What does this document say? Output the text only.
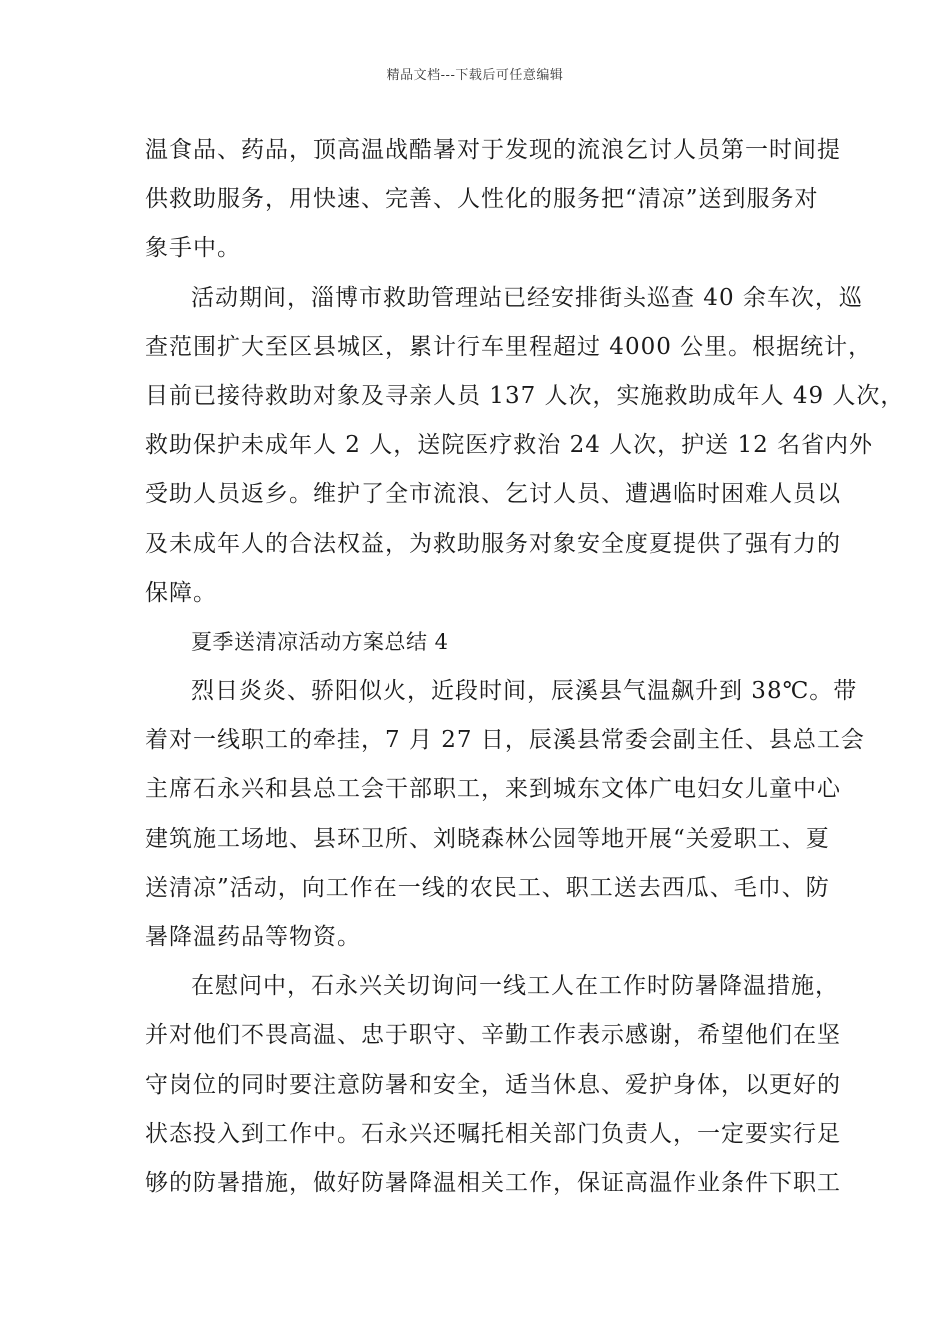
精品文档---下载后可任意编辑
温食品、药品，顶高温战酷暑对于发现的流浪乞讨人员第一时间提
供救助服务，用快速、完善、人性化的服务把“清凉”送到服务对
象手中。
活动期间，淄博市救助管理站已经安排街头巡查 40 余车次，巡
查范围扩大至区县城区，累计行车里程超过 4000 公里。根据统计，
目前已接待救助对象及寻亲人员 137 人次，实施救助成年人 49 人次，
救助保护未成年人 2 人，送院医疗救治 24 人次，护送 12 名省内外
受助人员返乡。维护了全市流浪、乞讨人员、遭遇临时困难人员以
及未成年人的合法权益，为救助服务对象安全度夏提供了强有力的
保障。
夏季送清凉活动方案总结 4
烈日炎炎、骄阳似火，近段时间，辰溪县气温飙升到 38℃。带
着对一线职工的牵挂，7 月 27 日，辰溪县常委会副主任、县总工会
主席石永兴和县总工会干部职工，来到城东文体广电妇女儿童中心
建筑施工场地、县环卫所、刘晓森林公园等地开展“关爱职工、夏
送清凉”活动，向工作在一线的农民工、职工送去西瓜、毛巾、防
暑降温药品等物资。
在慰问中，石永兴关切询问一线工人在工作时防暑降温措施，
并对他们不畏高温、忠于职守、辛勤工作表示感谢，希望他们在坚
守岗位的同时要注意防暑和安全，适当休息、爱护身体，以更好的
状态投入到工作中。石永兴还嘱托相关部门负责人，一定要实行足
够的防暑措施，做好防暑降温相关工作，保证高温作业条件下职工
